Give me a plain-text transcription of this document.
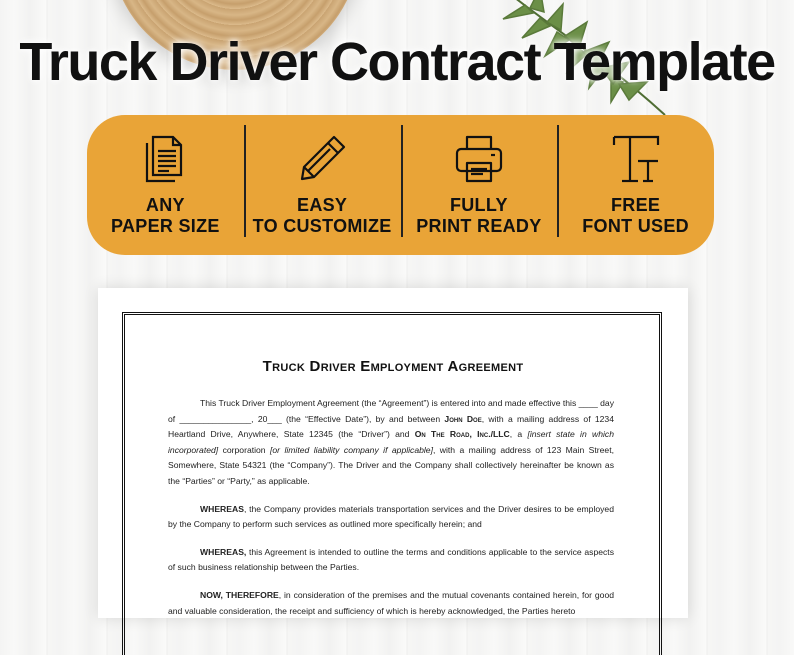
Truck Driver Contract Template
ANY
PAPER SIZE
EASY
TO CUSTOMIZE
FULLY
PRINT READY
FREE
FONT USED
Truck Driver Employment Agreement

This Truck Driver Employment Agreement (the “Agreement”) is entered into and made effective this ____ day of _______________, 20___ (the “Effective Date”), by and between John Doe, with a mailing address of 1234 Heartland Drive, Anywhere, State 12345 (the “Driver”) and On The Road, Inc./LLC, a [insert state in which incorporated] corporation [or limited liability company if applicable], with a mailing address of 123 Main Street, Somewhere, State 54321 (the “Company”). The Driver and the Company shall collectively hereinafter be known as the “Parties” or “Party,” as applicable.

WHEREAS, the Company provides materials transportation services and the Driver desires to be employed by the Company to perform such services as outlined more specifically herein; and

WHEREAS, this Agreement is intended to outline the terms and conditions applicable to the service aspects of such business relationship between the Parties.

NOW, THEREFORE, in consideration of the premises and the mutual covenants contained herein, for good and valuable consideration, the receipt and sufficiency of which is hereby acknowledged, the Parties hereto
